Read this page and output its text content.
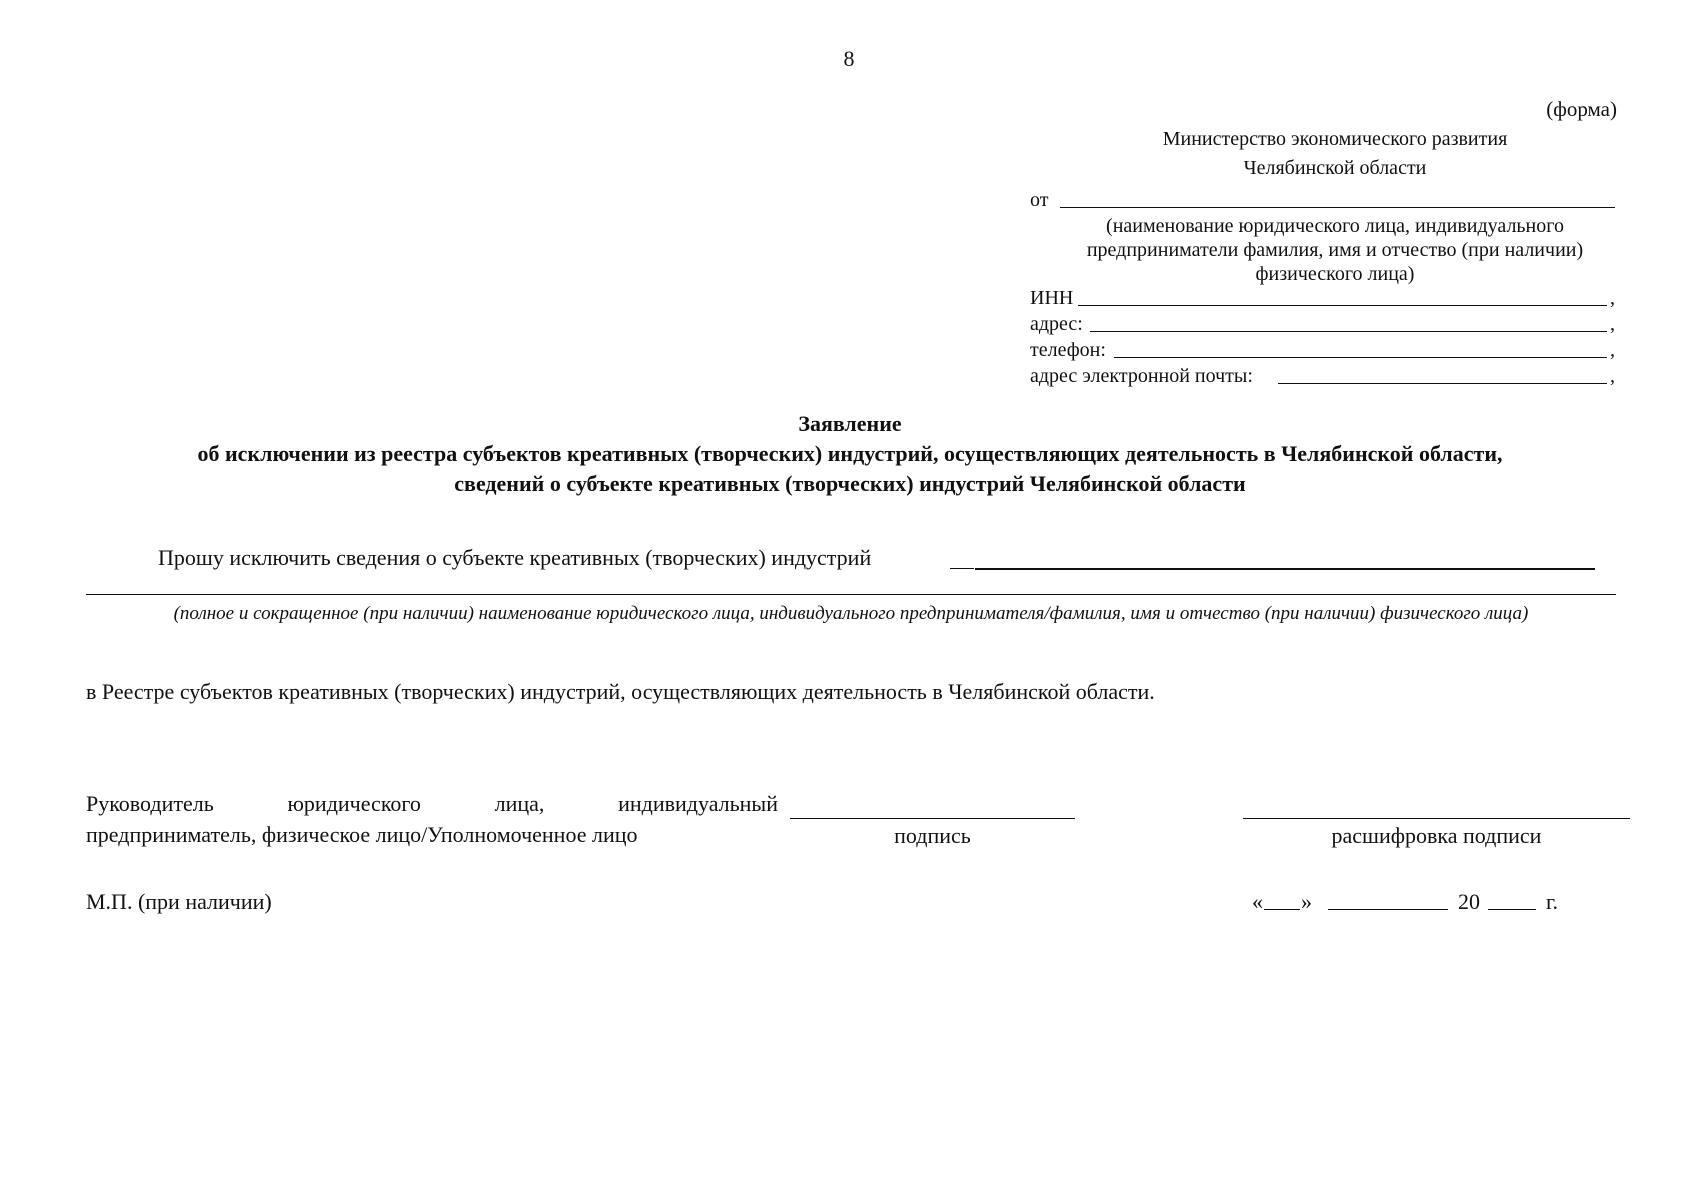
8
(форма)
Министерство экономического развития
Челябинской области
от
(наименование юридического лица, индивидуального предприниматели фамилия, имя и отчество (при наличии) физического лица)
ИНН	,
адрес:	,
телефон:	,
адрес электронной почты:	,
Заявление
об исключении из реестра субъектов креативных (творческих) индустрий, осуществляющих деятельность в Челябинской области,
сведений о субъекте креативных (творческих) индустрий Челябинской области
Прошу исключить сведения о субъекте креативных (творческих) индустрий
(полное и сокращенное (при наличии) наименование юридического лица, индивидуального предпринимателя/фамилия, имя и отчество (при наличии) физического лица)
в Реестре субъектов креативных (творческих) индустрий, осуществляющих деятельность в Челябинской области.
Руководитель	юридического	лица,	индивидуальный
предприниматель, физическое лицо/Уполномоченное лицо	подпись	расшифровка подписи
М.П. (при наличии)	« »	20	г.
